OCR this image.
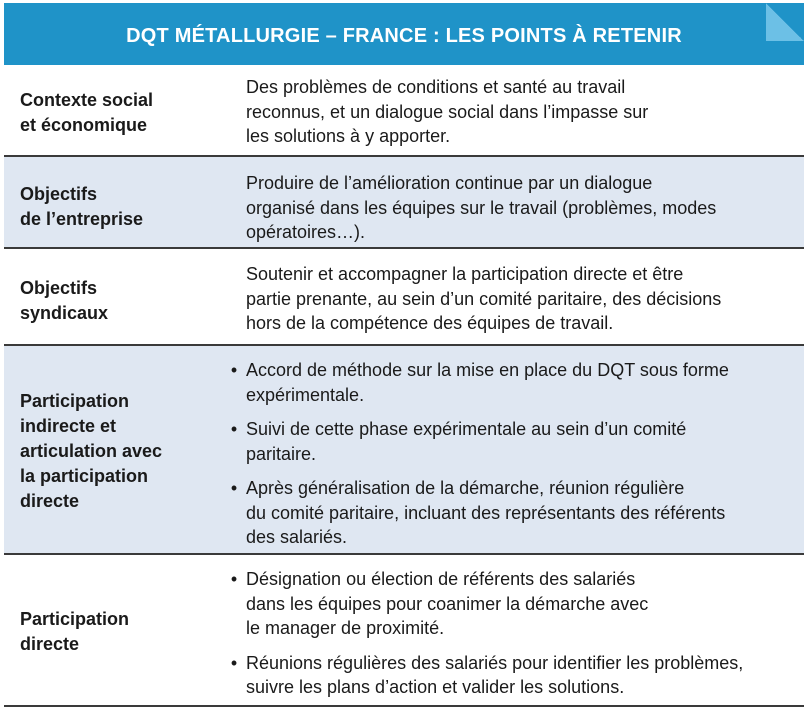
DQT MÉTALLURGIE – FRANCE : LES POINTS À RETENIR
Contexte social
et économique
Des problèmes de conditions et santé au travail
reconnus, et un dialogue social dans l’impasse sur
les solutions à y apporter.
Objectifs
de l’entreprise
Produire de l’amélioration continue par un dialogue
organisé dans les équipes sur le travail (problèmes, modes
opératoires…).
Objectifs
syndicaux
Soutenir et accompagner la participation directe et être
partie prenante, au sein d’un comité paritaire, des décisions
hors de la compétence des équipes de travail.
Participation
indirecte et
articulation avec
la participation
directe
• Accord de méthode sur la mise en place du DQT sous forme
expérimentale.
• Suivi de cette phase expérimentale au sein d’un comité
paritaire.
• Après généralisation de la démarche, réunion régulière
du comité paritaire, incluant des représentants des référents
des salariés.
Participation
directe
• Désignation ou élection de référents des salariés
dans les équipes pour coanimer la démarche avec
le manager de proximité.
• Réunions régulières des salariés pour identifier les problèmes,
suivre les plans d’action et valider les solutions.
